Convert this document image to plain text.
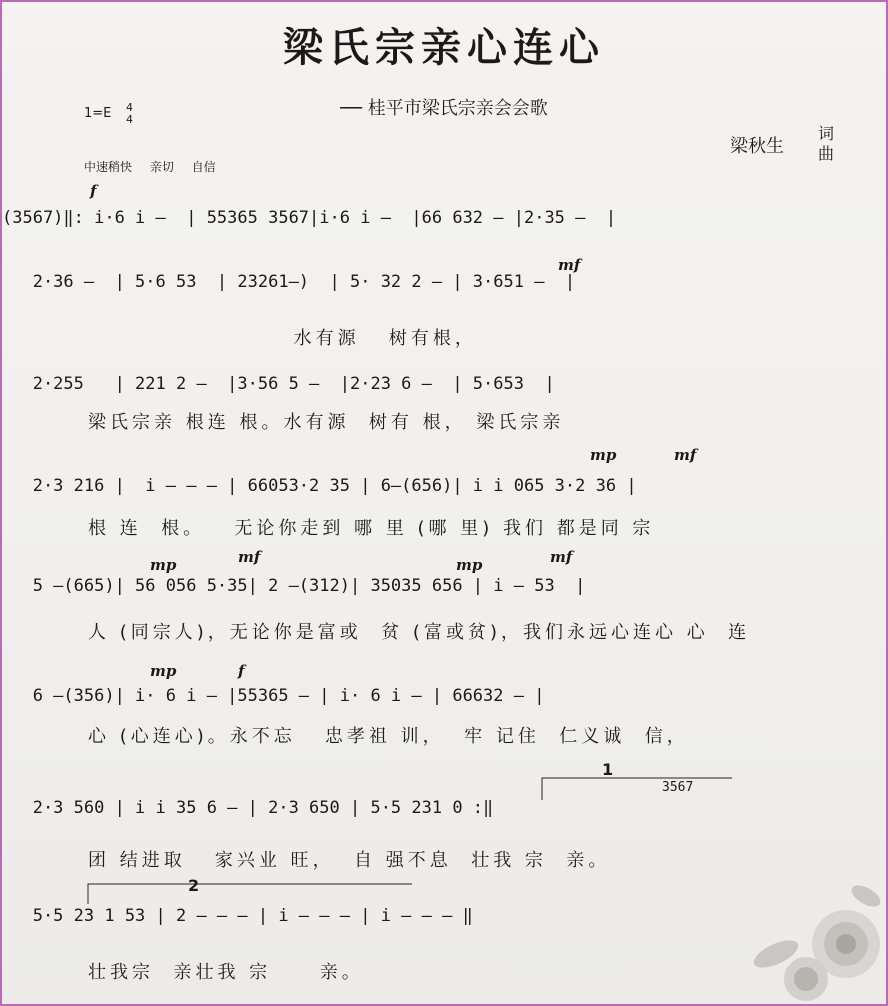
梁氏宗亲心连心
── 桂平市梁氏宗亲会会歌
1=E 4
4
中速稍快 亲切 自信
梁秋生
词
曲
f
mf
mp	mf
mp	mf	mp	mf
mp	f
1
2
(3567)‖: i·6 i —  | 55365 3567|i·6 i —  |66 632 — |2·35 —  |
2·36 —  | 5·6 53  | 23261—)  | 5· 32 2 — | 3·651 —  |
水有源   树有根，
2·255   | 221 2 —  |3·56 5 —  |2·23 6 —  | 5·653  |
梁氏宗亲 根连 根。水有源  树有 根， 梁氏宗亲
2·3 216 |  i — — — | 66053·2 35 | 6—(656)| i i 065 3·2 36 |
根 连  根。   无论你走到 哪 里 (哪 里) 我们 都是同 宗
5 —(665)| 56 056 5·35| 2 —(312)| 35035 656 | i — 53  |
人 (同宗人)，无论你是富或  贫 (富或贫)，我们永远心连心 心  连
6 —(356)| i· 6 i — |55365 — | i· 6 i — | 66632 — |
心 (心连心)。永不忘   忠孝祖 训，  牢 记住  仁义诚  信，
2·3 560 | i i 35 6 — | 2·3 650 | 5·5 231 0 :‖
团 结进取   家兴业 旺，  自 强不息  壮我 宗  亲。
5·5 23 1 53 | 2 — — — | i — — — | i — — — ‖
壮我宗  亲壮我 宗     亲。
3567
